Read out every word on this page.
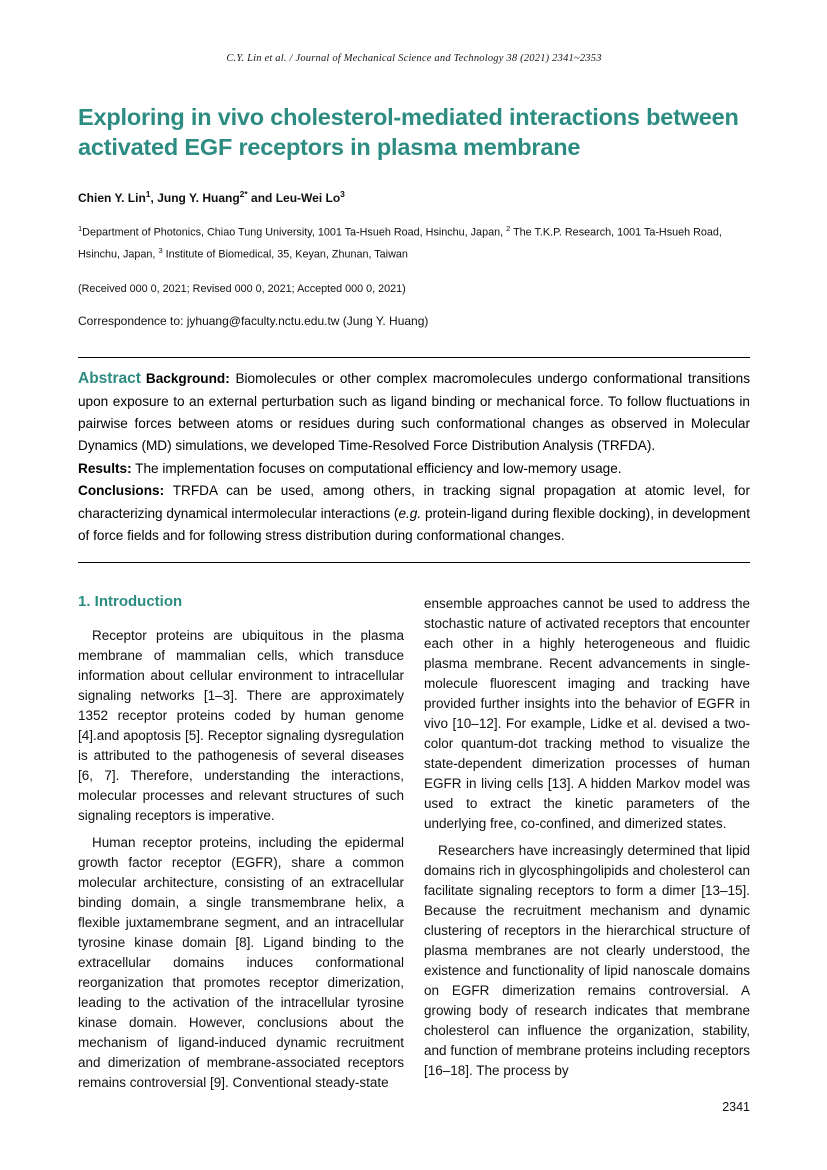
C.Y. Lin et al. / Journal of Mechanical Science and Technology 38 (2021) 2341~2353
Exploring in vivo cholesterol-mediated interactions between activated EGF receptors in plasma membrane
Chien Y. Lin$^1$, Jung Y. Huang$^{2*}$ and Leu-Wei Lo$^3$
$^1$Department of Photonics, Chiao Tung University, 1001 Ta-Hsueh Road, Hsinchu, Japan, $^2$ The T.K.P. Research, 1001 Ta-Hsueh Road, Hsinchu, Japan, $^3$ Institute of Biomedical, 35, Keyan, Zhunan, Taiwan
(Received 000 0, 2021; Revised 000 0, 2021; Accepted 000 0, 2021)
Correspondence to: jyhuang@faculty.nctu.edu.tw (Jung Y. Huang)

Abstract Background: Biomolecules or other complex macromolecules undergo conformational transitions upon exposure to an external perturbation such as ligand binding or mechanical force. To follow fluctuations in pairwise forces between atoms or residues during such conformational changes as observed in Molecular Dynamics (MD) simulations, we developed Time-Resolved Force Distribution Analysis (TRFDA).

Results: The implementation focuses on computational efficiency and low-memory usage.

Conclusions: TRFDA can be used, among others, in tracking signal propagation at atomic level, for characterizing dynamical intermolecular interactions (e.g. protein-ligand during flexible docking), in development of force fields and for following stress distribution during conformational changes.

1. Introduction

Receptor proteins are ubiquitous in the plasma membrane of mammalian cells, which transduce information about cellular environment to intracellular signaling networks [1–3]. There are approximately 1352 receptor proteins coded by human genome [4].and apoptosis [5]. Receptor signaling dysregulation is attributed to the pathogenesis of several diseases [6, 7]. Therefore, understanding the interactions, molecular processes and relevant structures of such signaling receptors is imperative.

Human receptor proteins, including the epidermal growth factor receptor (EGFR), share a common molecular architecture, consisting of an extracellular binding domain, a single transmembrane helix, a flexible juxtamembrane segment, and an intracellular tyrosine kinase domain [8]. Ligand binding to the extracellular domains induces conformational reorganization that promotes receptor dimerization, leading to the activation of the intracellular tyrosine kinase domain. However, conclusions about the mechanism of ligand-induced dynamic recruitment and dimerization of membrane-associated receptors remains controversial [9]. Conventional steady-state

ensemble approaches cannot be used to address the stochastic nature of activated receptors that encounter each other in a highly heterogeneous and fluidic plasma membrane. Recent advancements in single-molecule fluorescent imaging and tracking have provided further insights into the behavior of EGFR in vivo [10–12]. For example, Lidke et al. devised a two-color quantum-dot tracking method to visualize the state-dependent dimerization processes of human EGFR in living cells [13]. A hidden Markov model was used to extract the kinetic parameters of the underlying free, co-confined, and dimerized states.

Researchers have increasingly determined that lipid domains rich in glycosphingolipids and cholesterol can facilitate signaling receptors to form a dimer [13–15]. Because the recruitment mechanism and dynamic clustering of receptors in the hierarchical structure of plasma membranes are not clearly understood, the existence and functionality of lipid nanoscale domains on EGFR dimerization remains controversial. A growing body of research indicates that membrane cholesterol can influence the organization, stability, and function of membrane proteins including receptors [16–18]. The process by

2341
